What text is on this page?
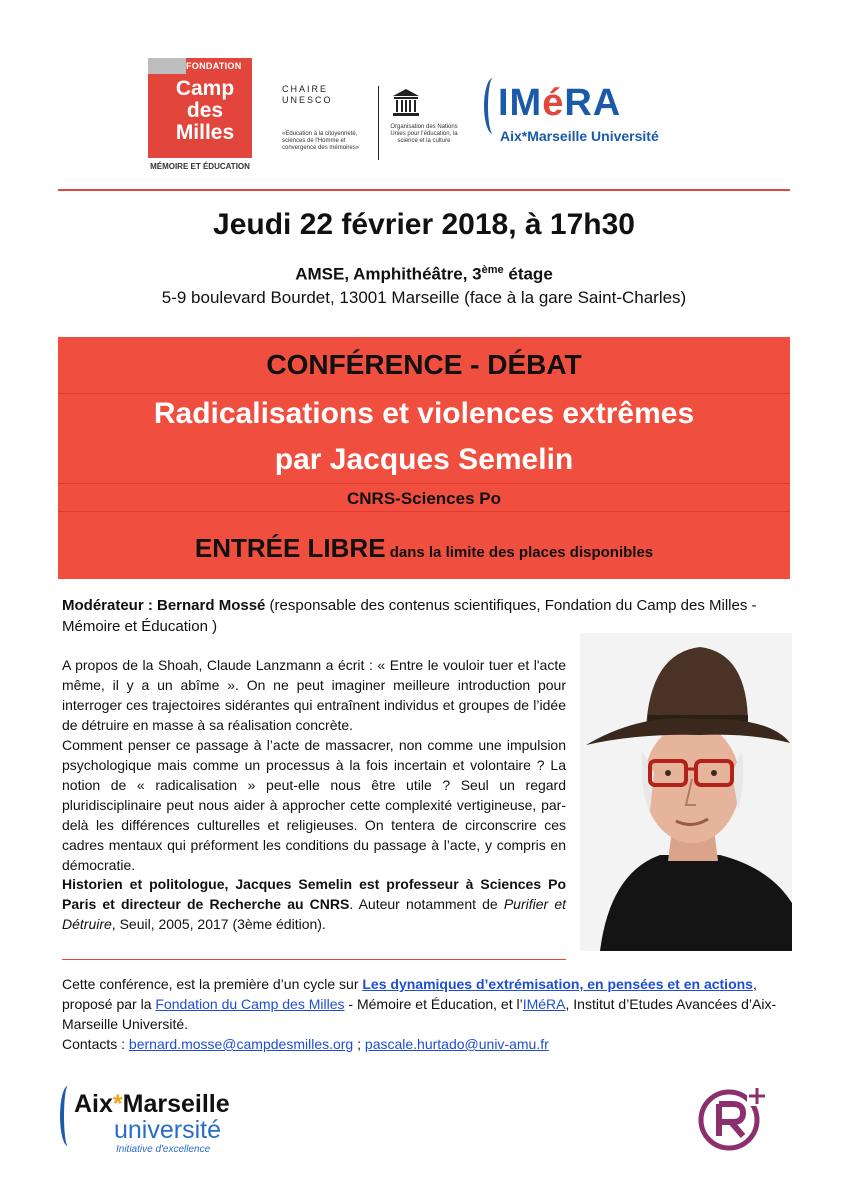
FONDATION
Camp des Milles
MÉMOIRE ET ÉDUCATION
CHAIRE UNESCO
«Education à la citoyenneté, sciences de l'Homme et convergence des mémoires»
Organisation des Nations Unies pour l'éducation, la science et la culture
IMéRA
Aix*Marseille Université
Jeudi 22 février 2018, à 17h30
AMSE, Amphithéâtre, 3ème étage
5-9 boulevard Bourdet, 13001 Marseille (face à la gare Saint-Charles)
CONFÉRENCE - DÉBAT
Radicalisations et violences extrêmes
par Jacques Semelin
CNRS-Sciences Po
ENTRÉE LIBRE dans la limite des places disponibles
Modérateur : Bernard Mossé (responsable des contenus scientifiques, Fondation du Camp des Milles - Mémoire et Éducation )

A propos de la Shoah, Claude Lanzmann a écrit : « Entre le vouloir tuer et l'acte même, il y a un abîme ». On ne peut imaginer meilleure introduction pour interroger ces trajectoires sidérantes qui entraînent individus et groupes de l’idée de détruire en masse à sa réalisation concrète.

Comment penser ce passage à l’acte de massacrer, non comme une impulsion psychologique mais comme un processus à la fois incertain et volontaire ? La notion de « radicalisation » peut-elle nous être utile ? Seul un regard pluridisciplinaire peut nous aider à approcher cette complexité vertigineuse, par-delà les différences culturelles et religieuses. On tentera de circonscrire ces cadres mentaux qui préforment les conditions du passage à l’acte, y compris en démocratie.

Historien et politologue, Jacques Semelin est professeur à Sciences Po Paris et directeur de Recherche au CNRS. Auteur notamment de Purifier et Détruire, Seuil, 2005, 2017 (3ème édition).
Cette conférence, est la première d’un cycle sur Les dynamiques d’extrémisation, en pensées et en actions, proposé par la Fondation du Camp des Milles - Mémoire et Éducation, et l’IMéRA, Institut d’Etudes Avancées d’Aix-Marseille Université.
Contacts : bernard.mosse@campdesmilles.org ; pascale.hurtado@univ-amu.fr
Aix*Marseille
université
Initiative d'excellence
